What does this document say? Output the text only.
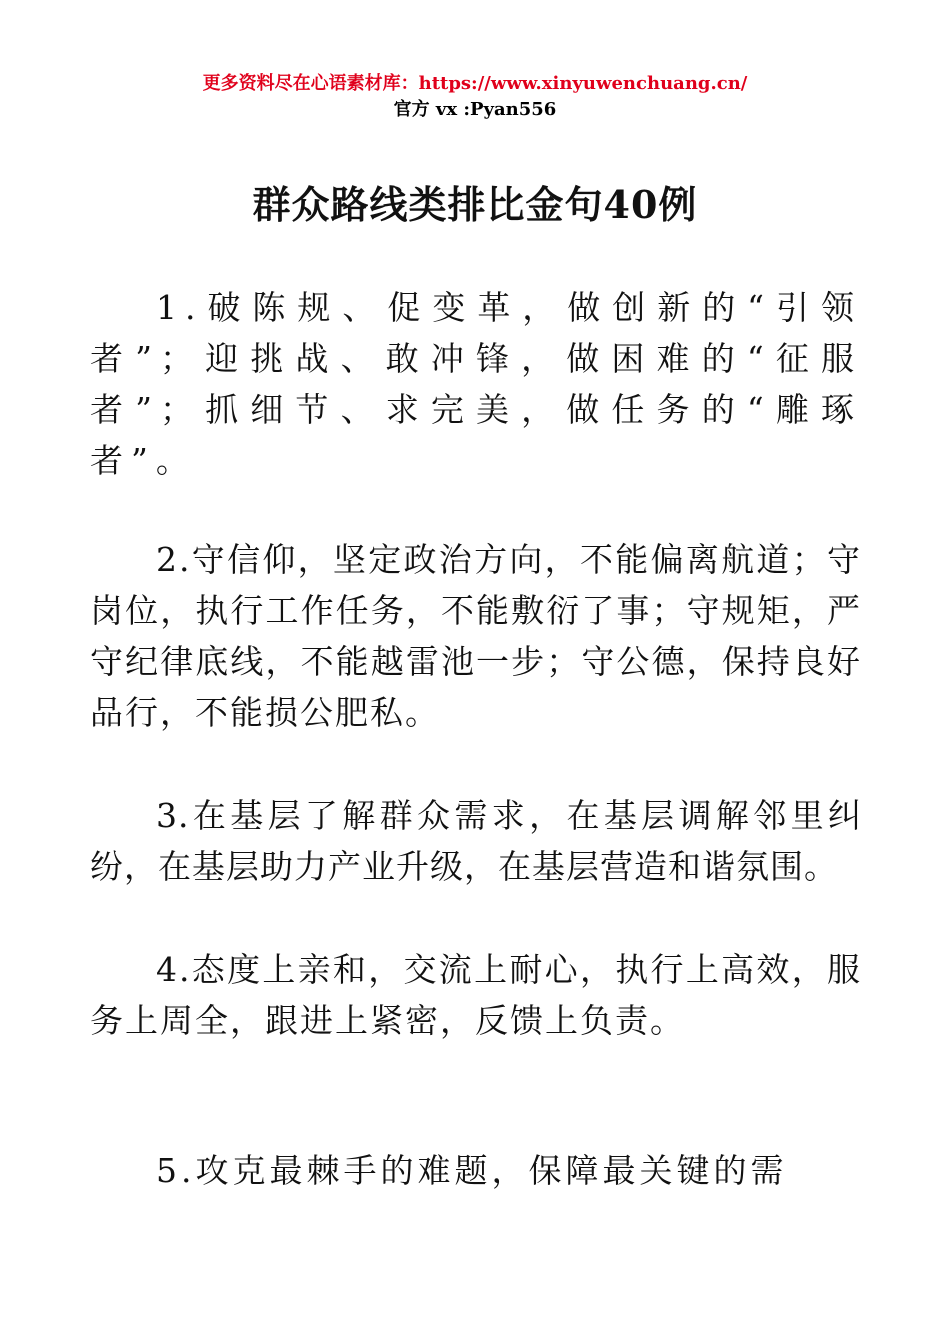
更多资料尽在心语素材库：https://www.xinyuwenchuang.cn/
官方 vx :Pyan556
群众路线类排比金句40例

1.破陈规、促变革，做创新的“引领者”；迎挑战、敢冲锋，做困难的“征服者”；抓细节、求完美，做任务的“雕琢者”。

2.守信仰，坚定政治方向，不能偏离航道；守岗位，执行工作任务，不能敷衍了事；守规矩，严守纪律底线，不能越雷池一步；守公德，保持良好品行，不能损公肥私。

3.在基层了解群众需求，在基层调解邻里纠纷，在基层助力产业升级，在基层营造和谐氛围。

4.态度上亲和，交流上耐心，执行上高效，服务上周全，跟进上紧密，反馈上负责。

5.攻克最棘手的难题，保障最关键的需
